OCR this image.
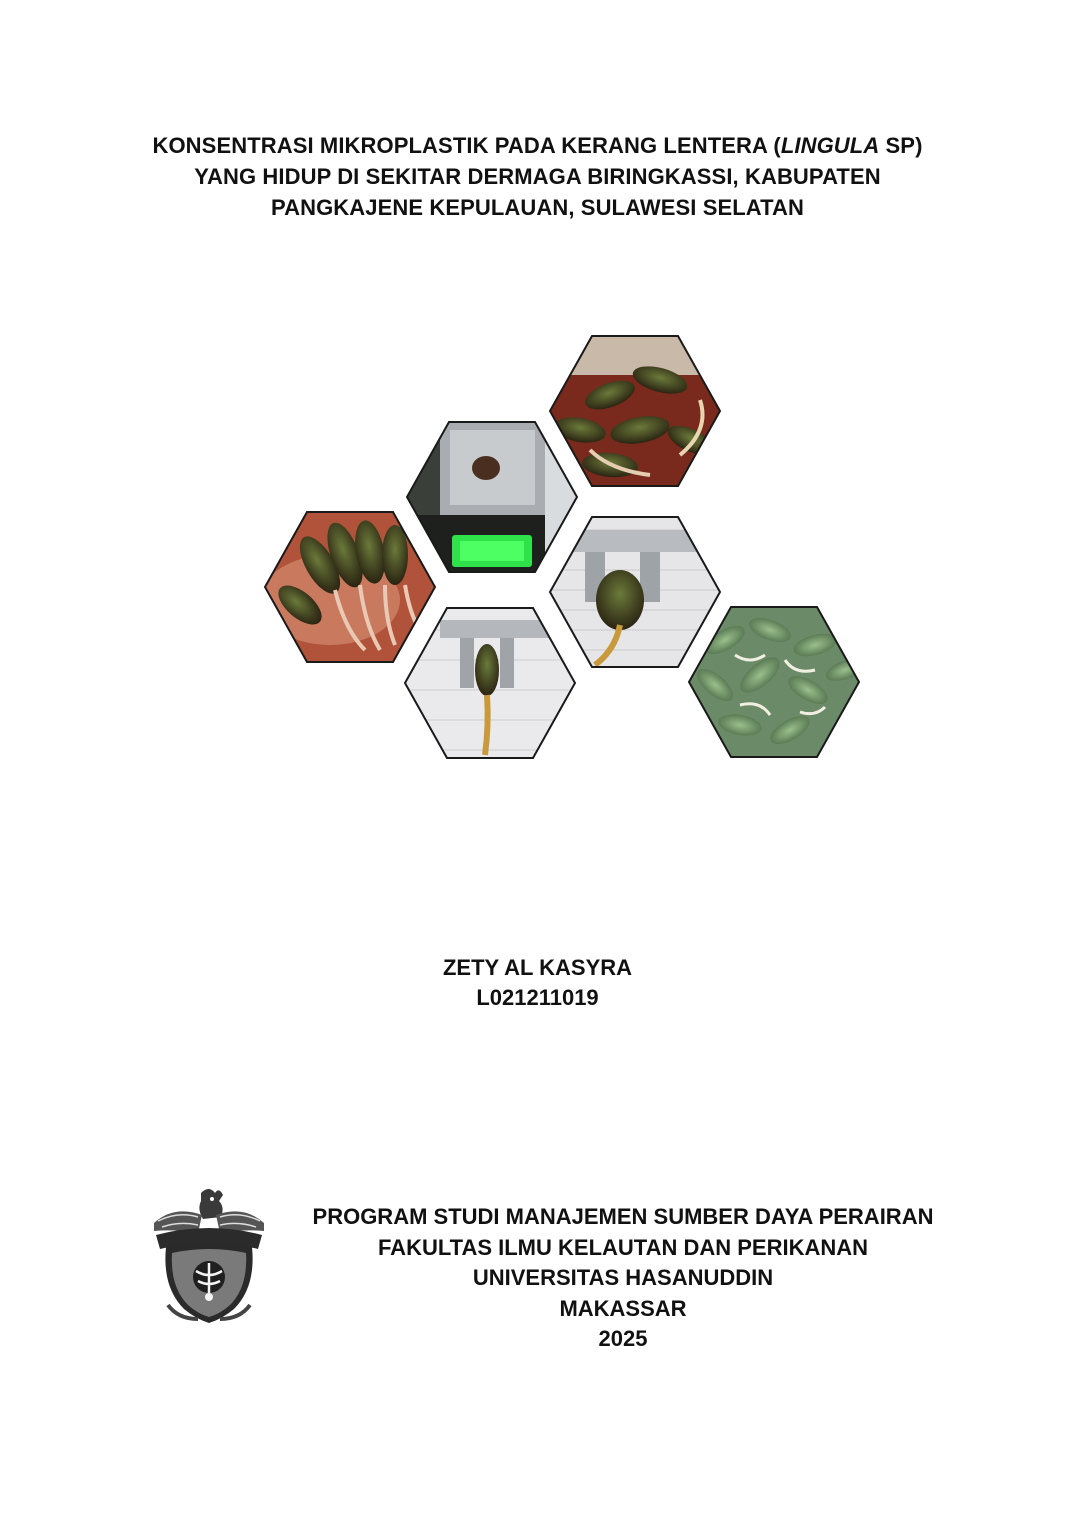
KONSENTRASI MIKROPLASTIK PADA KERANG LENTERA (LINGULA SP)
YANG HIDUP DI SEKITAR DERMAGA BIRINGKASSI, KABUPATEN
PANGKAJENE KEPULAUAN, SULAWESI SELATAN
ZETY AL KASYRA
L021211019
PROGRAM STUDI MANAJEMEN SUMBER DAYA PERAIRAN
FAKULTAS ILMU KELAUTAN DAN PERIKANAN
UNIVERSITAS HASANUDDIN
MAKASSAR
2025
